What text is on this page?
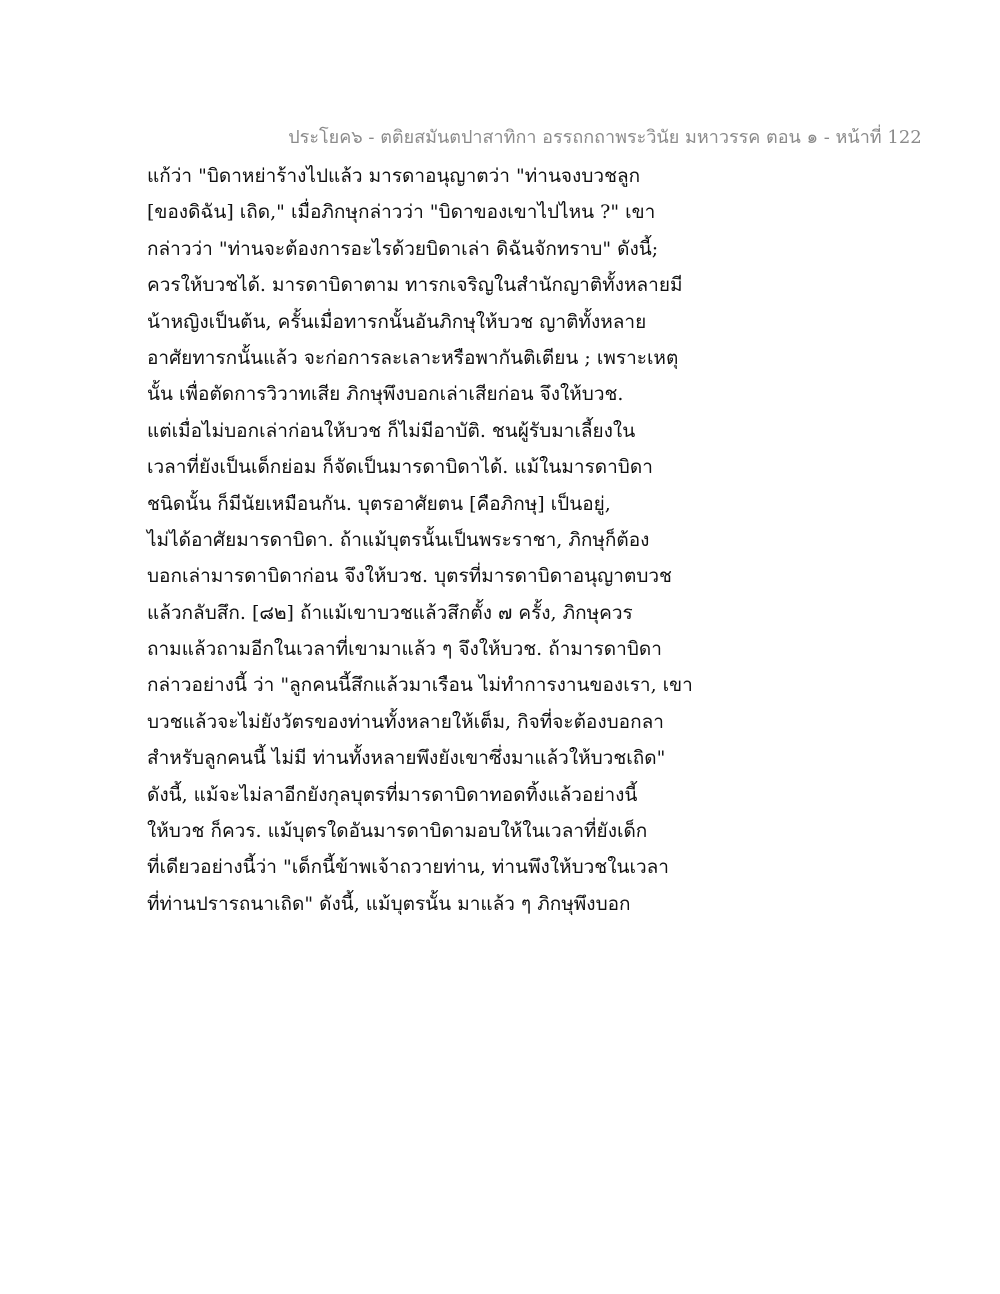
ประโยค๖ - ตติยสมันตปาสาทิกา อรรถกถาพระวินัย มหาวรรค ตอน ๑ - หน้าที่ 122
แก้ว่า "บิดาหย่าร้างไปแล้ว มารดาอนุญาตว่า "ท่านจงบวชลูก
[ของดิฉัน] เถิด," เมื่อภิกษุกล่าวว่า "บิดาของเขาไปไหน ?" เขา
กล่าวว่า "ท่านจะต้องการอะไรด้วยบิดาเล่า ดิฉันจักทราบ" ดังนี้;
ควรให้บวชได้. มารดาบิดาตาม ทารกเจริญในสำนักญาติทั้งหลายมี
น้าหญิงเป็นต้น, ครั้นเมื่อทารกนั้นอันภิกษุให้บวช ญาติทั้งหลาย
อาศัยทารกนั้นแล้ว จะก่อการละเลาะหรือพากันติเตียน ; เพราะเหตุ
นั้น เพื่อตัดการวิวาทเสีย ภิกษุพึงบอกเล่าเสียก่อน จึงให้บวช.
แต่เมื่อไม่บอกเล่าก่อนให้บวช ก็ไม่มีอาบัติ. ชนผู้รับมาเลี้ยงใน
เวลาที่ยังเป็นเด็กย่อม ก็จัดเป็นมารดาบิดาได้. แม้ในมารดาบิดา
ชนิดนั้น ก็มีนัยเหมือนกัน. บุตรอาศัยตน [คือภิกษุ] เป็นอยู่,
ไม่ได้อาศัยมารดาบิดา. ถ้าแม้บุตรนั้นเป็นพระราชา, ภิกษุก็ต้อง
บอกเล่ามารดาบิดาก่อน จึงให้บวช. บุตรที่มารดาบิดาอนุญาตบวช
แล้วกลับสึก. [๘๒] ถ้าแม้เขาบวชแล้วสึกตั้ง ๗ ครั้ง, ภิกษุควร
ถามแล้วถามอีกในเวลาที่เขามาแล้ว ๆ จึงให้บวช. ถ้ามารดาบิดา
กล่าวอย่างนี้ ว่า "ลูกคนนี้สึกแล้วมาเรือน ไม่ทำการงานของเรา, เขา
บวชแล้วจะไม่ยังวัตรของท่านทั้งหลายให้เต็ม, กิจที่จะต้องบอกลา
สำหรับลูกคนนี้ ไม่มี ท่านทั้งหลายพึงยังเขาซึ่งมาแล้วให้บวชเถิด"
ดังนี้, แม้จะไม่ลาอีกยังกุลบุตรที่มารดาบิดาทอดทิ้งแล้วอย่างนี้
ให้บวช ก็ควร. แม้บุตรใดอันมารดาบิดามอบให้ในเวลาที่ยังเด็ก
ที่เดียวอย่างนี้ว่า "เด็กนี้ข้าพเจ้าถวายท่าน, ท่านพึงให้บวชในเวลา
ที่ท่านปรารถนาเถิด" ดังนี้, แม้บุตรนั้น มาแล้ว ๆ ภิกษุพึงบอก
